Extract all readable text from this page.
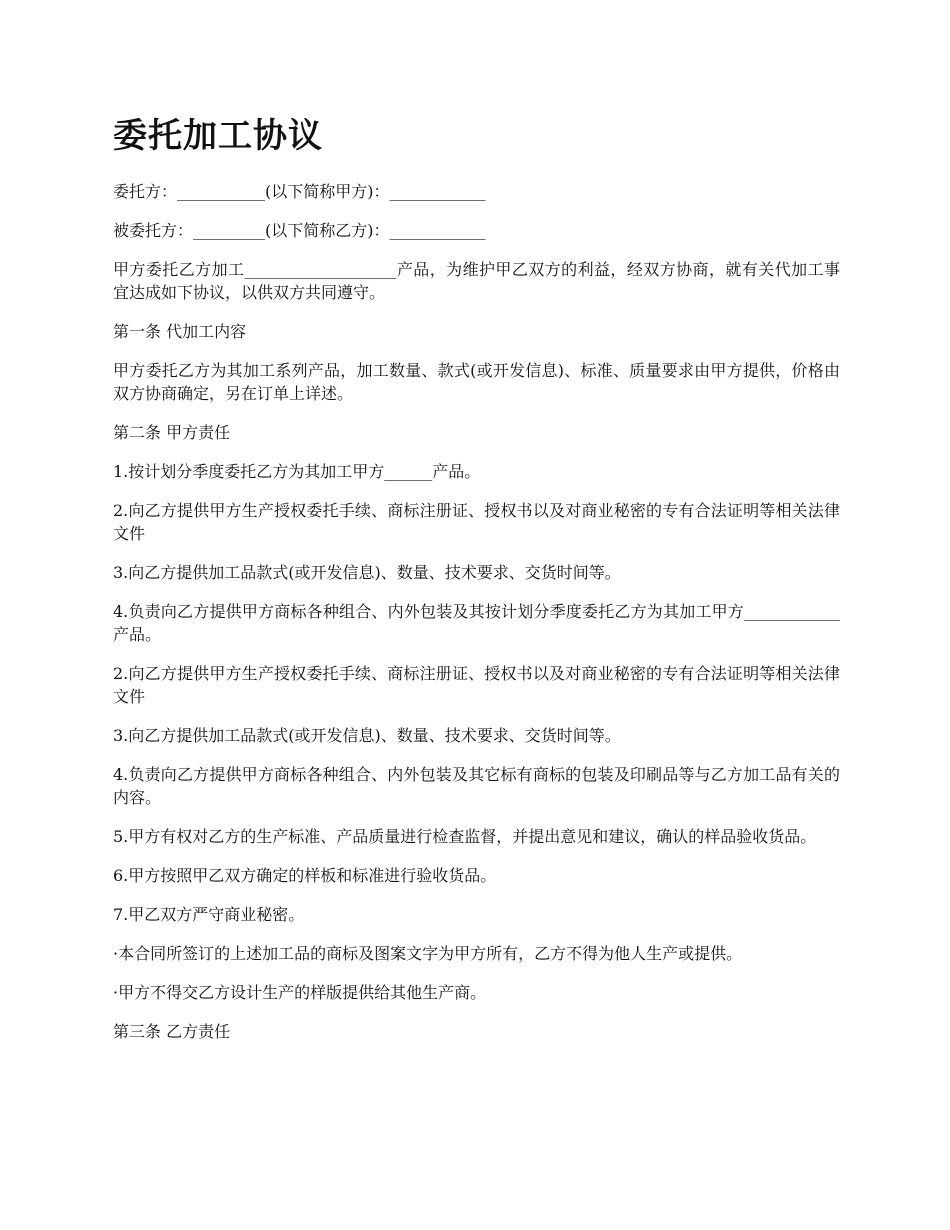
委托加工协议

委托方：___________(以下简称甲方)：____________

被委托方：_________(以下简称乙方)：____________

甲方委托乙方加工___________________产品，为维护甲乙双方的利益，经双方协商，就有关代加工事宜达成如下协议，以供双方共同遵守。

第一条 代加工内容

甲方委托乙方为其加工系列产品，加工数量、款式(或开发信息)、标准、质量要求由甲方提供，价格由双方协商确定，另在订单上详述。

第二条 甲方责任

1.按计划分季度委托乙方为其加工甲方______产品。

2.向乙方提供甲方生产授权委托手续、商标注册证、授权书以及对商业秘密的专有合法证明等相关法律文件

3.向乙方提供加工品款式(或开发信息)、数量、技术要求、交货时间等。

4.负责向乙方提供甲方商标各种组合、内外包装及其按计划分季度委托乙方为其加工甲方____________产品。

2.向乙方提供甲方生产授权委托手续、商标注册证、授权书以及对商业秘密的专有合法证明等相关法律文件

3.向乙方提供加工品款式(或开发信息)、数量、技术要求、交货时间等。

4.负责向乙方提供甲方商标各种组合、内外包装及其它标有商标的包装及印刷品等与乙方加工品有关的内容。

5.甲方有权对乙方的生产标准、产品质量进行检查监督，并提出意见和建议，确认的样品验收货品。

6.甲方按照甲乙双方确定的样板和标准进行验收货品。

7.甲乙双方严守商业秘密。

·本合同所签订的上述加工品的商标及图案文字为甲方所有，乙方不得为他人生产或提供。

·甲方不得交乙方设计生产的样版提供给其他生产商。

第三条 乙方责任
